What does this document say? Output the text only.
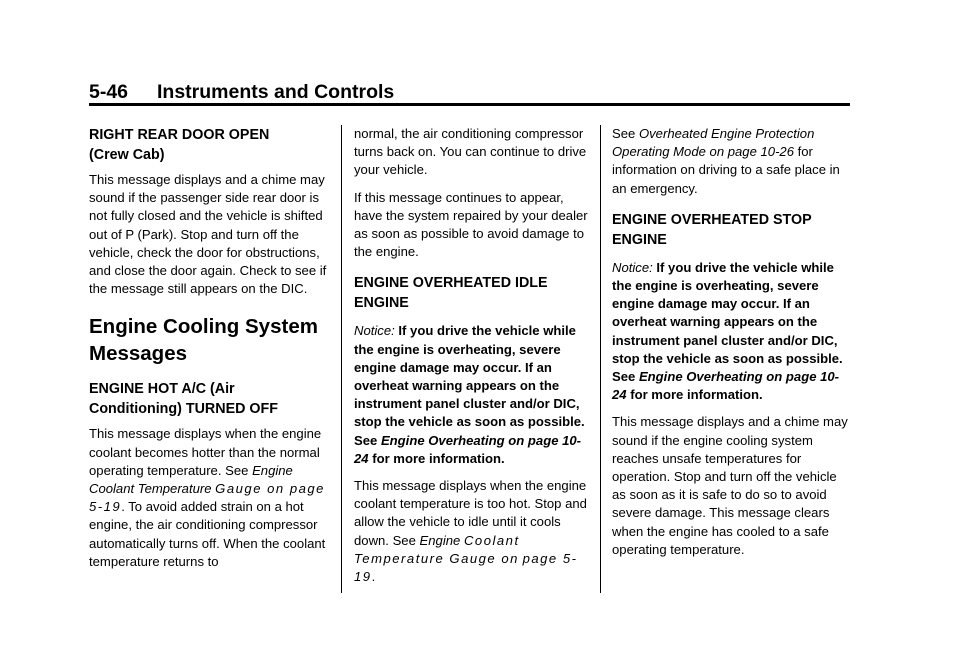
5-46 Instruments and Controls
RIGHT REAR DOOR OPEN
(Crew Cab)

This message displays and a chime may sound if the passenger side rear door is not fully closed and the vehicle is shifted out of P (Park). Stop and turn off the vehicle, check the door for obstructions, and close the door again. Check to see if the message still appears on the DIC.

Engine Cooling System
Messages
ENGINE HOT A/C (Air
Conditioning) TURNED OFF

This message displays when the engine coolant becomes hotter than the normal operating temperature. See Engine Coolant Temperature Gauge on page 5-19. To avoid added strain on a hot engine, the air conditioning compressor automatically turns off. When the coolant temperature returns to

normal, the air conditioning compressor turns back on. You can continue to drive your vehicle.

If this message continues to appear, have the system repaired by your dealer as soon as possible to avoid damage to the engine.

ENGINE OVERHEATED IDLE
ENGINE

Notice: If you drive the vehicle while the engine is overheating, severe engine damage may occur. If an overheat warning appears on the instrument panel cluster and/or DIC, stop the vehicle as soon as possible. See Engine Overheating on page 10-24 for more information.

This message displays when the engine coolant temperature is too hot. Stop and allow the vehicle to idle until it cools down. See Engine Coolant Temperature Gauge on page 5-19.

See Overheated Engine Protection Operating Mode on page 10-26 for information on driving to a safe place in an emergency.

ENGINE OVERHEATED STOP
ENGINE

Notice: If you drive the vehicle while the engine is overheating, severe engine damage may occur. If an overheat warning appears on the instrument panel cluster and/or DIC, stop the vehicle as soon as possible. See Engine Overheating on page 10-24 for more information.

This message displays and a chime may sound if the engine cooling system reaches unsafe temperatures for operation. Stop and turn off the vehicle as soon as it is safe to do so to avoid severe damage. This message clears when the engine has cooled to a safe operating temperature.
